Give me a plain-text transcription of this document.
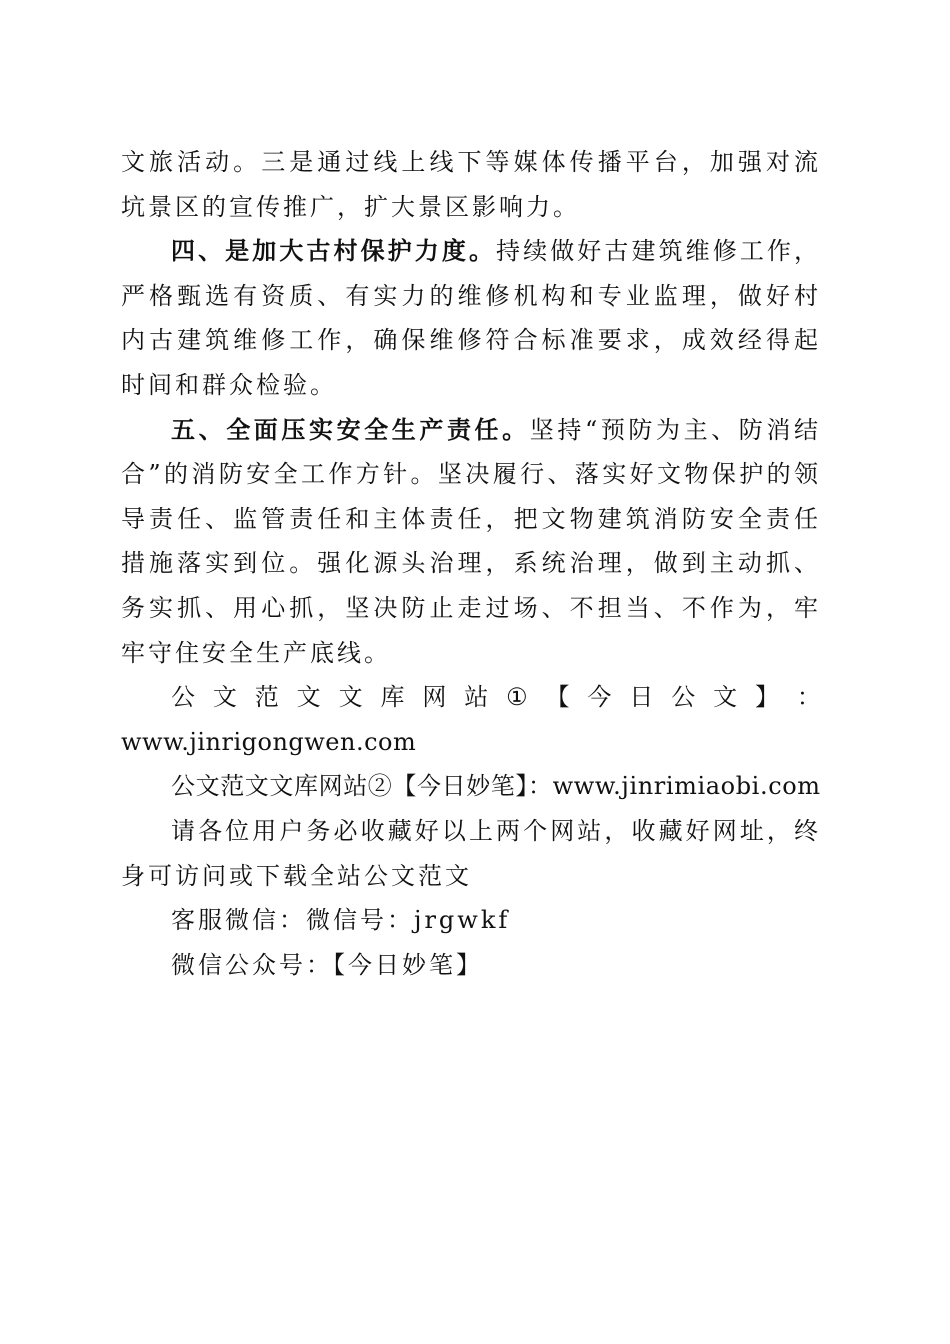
文旅活动。三是通过线上线下等媒体传播平台，加强对流坑景区的宣传推广，扩大景区影响力。

四、是加大古村保护力度。持续做好古建筑维修工作，严格甄选有资质、有实力的维修机构和专业监理，做好村内古建筑维修工作，确保维修符合标准要求，成效经得起时间和群众检验。

五、全面压实安全生产责任。坚持“预防为主、防消结合”的消防安全工作方针。坚决履行、落实好文物保护的领导责任、监管责任和主体责任，把文物建筑消防安全责任措施落实到位。强化源头治理，系统治理，做到主动抓、务实抓、用心抓，坚决防止走过场、不担当、不作为，牢牢守住安全生产底线。

公 文 范 文 文 库 网 站 ① 【 今 日 公 文 】 ：

www.jinrigongwen.com

公文范文文库网站②【今日妙笔】：www.jinrimiaobi.com

请各位用户务必收藏好以上两个网站，收藏好网址，终身可访问或下载全站公文范文

客服微信：微信号：jrgwkf

微信公众号：【今日妙笔】
